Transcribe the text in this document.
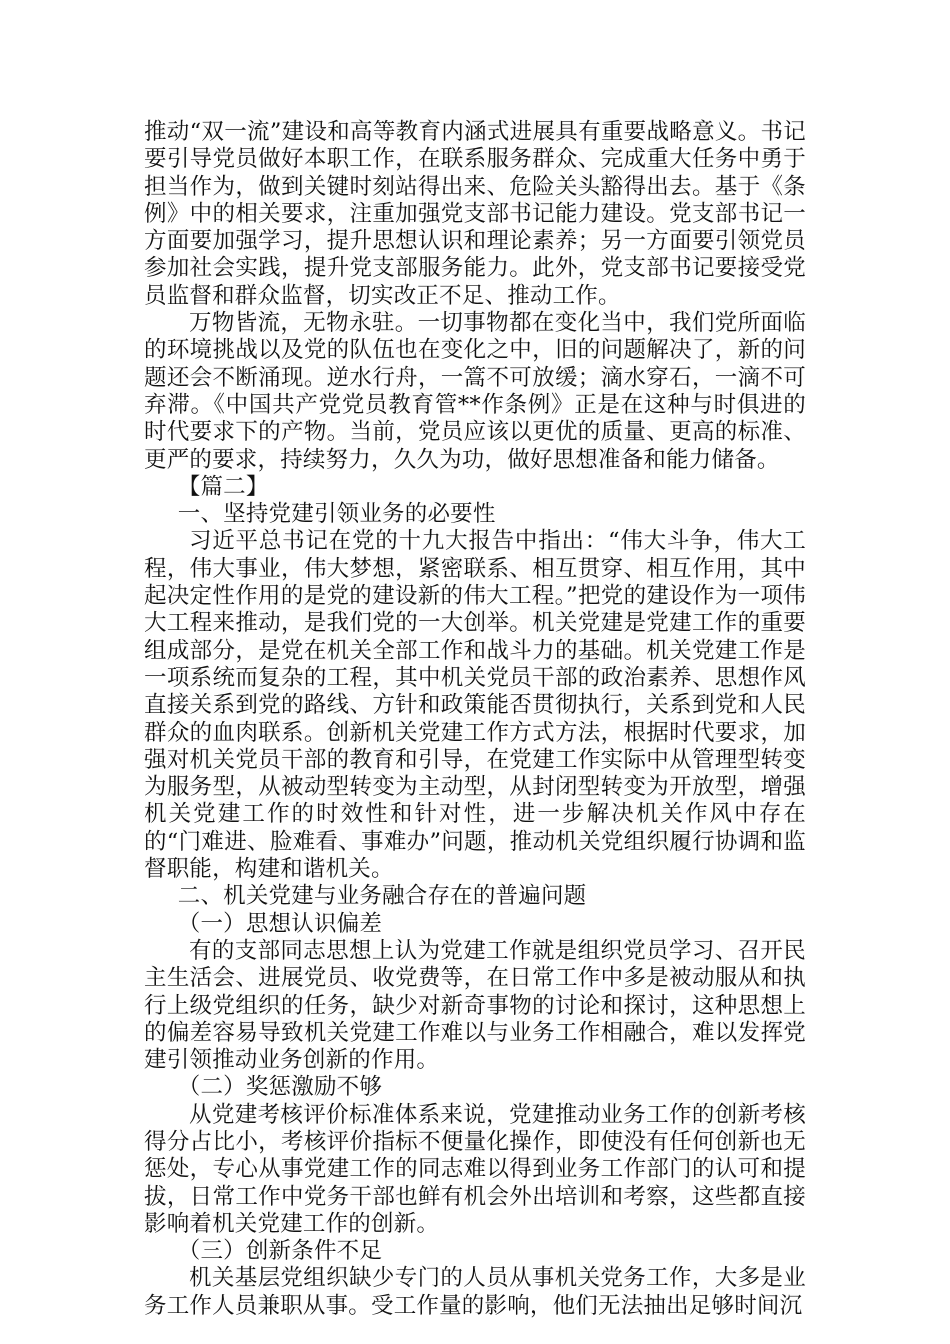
推动“双一流”建设和高等教育内涵式进展具有重要战略意义。书记要引导党员做好本职工作，在联系服务群众、完成重大任务中勇于担当作为，做到关键时刻站得出来、危险关头豁得出去。基于《条例》中的相关要求，注重加强党支部书记能力建设。党支部书记一方面要加强学习，提升思想认识和理论素养；另一方面要引领党员参加社会实践，提升党支部服务能力。此外，党支部书记要接受党员监督和群众监督，切实改正不足、推动工作。

万物皆流，无物永驻。一切事物都在变化当中，我们党所面临的环境挑战以及党的队伍也在变化之中，旧的问题解决了，新的问题还会不断涌现。逆水行舟，一篙不可放缓；滴水穿石，一滴不可弃滞。《中国共产党党员教育管**作条例》正是在这种与时俱进的时代要求下的产物。当前，党员应该以更优的质量、更高的标准、更严的要求，持续努力，久久为功，做好思想准备和能力储备。

【篇二】

一、坚持党建引领业务的必要性

习近平总书记在党的十九大报告中指出：“伟大斗争，伟大工程，伟大事业，伟大梦想，紧密联系、相互贯穿、相互作用，其中起决定性作用的是党的建设新的伟大工程。”把党的建设作为一项伟大工程来推动，是我们党的一大创举。机关党建是党建工作的重要组成部分，是党在机关全部工作和战斗力的基础。机关党建工作是一项系统而复杂的工程，其中机关党员干部的政治素养、思想作风直接关系到党的路线、方针和政策能否贯彻执行，关系到党和人民群众的血肉联系。创新机关党建工作方式方法，根据时代要求，加强对机关党员干部的教育和引导，在党建工作实际中从管理型转变为服务型，从被动型转变为主动型，从封闭型转变为开放型，增强机关党建工作的时效性和针对性，进一步解决机关作风中存在的“门难进、脸难看、事难办”问题，推动机关党组织履行协调和监督职能，构建和谐机关。

二、机关党建与业务融合存在的普遍问题

（一）思想认识偏差

有的支部同志思想上认为党建工作就是组织党员学习、召开民主生活会、进展党员、收党费等，在日常工作中多是被动服从和执行上级党组织的任务，缺少对新奇事物的讨论和探讨，这种思想上的偏差容易导致机关党建工作难以与业务工作相融合，难以发挥党建引领推动业务创新的作用。

（二）奖惩激励不够

从党建考核评价标准体系来说，党建推动业务工作的创新考核得分占比小，考核评价指标不便量化操作，即使没有任何创新也无惩处，专心从事党建工作的同志难以得到业务工作部门的认可和提拔，日常工作中党务干部也鲜有机会外出培训和考察，这些都直接影响着机关党建工作的创新。

（三）创新条件不足

机关基层党组织缺少专门的人员从事机关党务工作，大多是业务工作人员兼职从事。受工作量的影响，他们无法抽出足够时间沉
